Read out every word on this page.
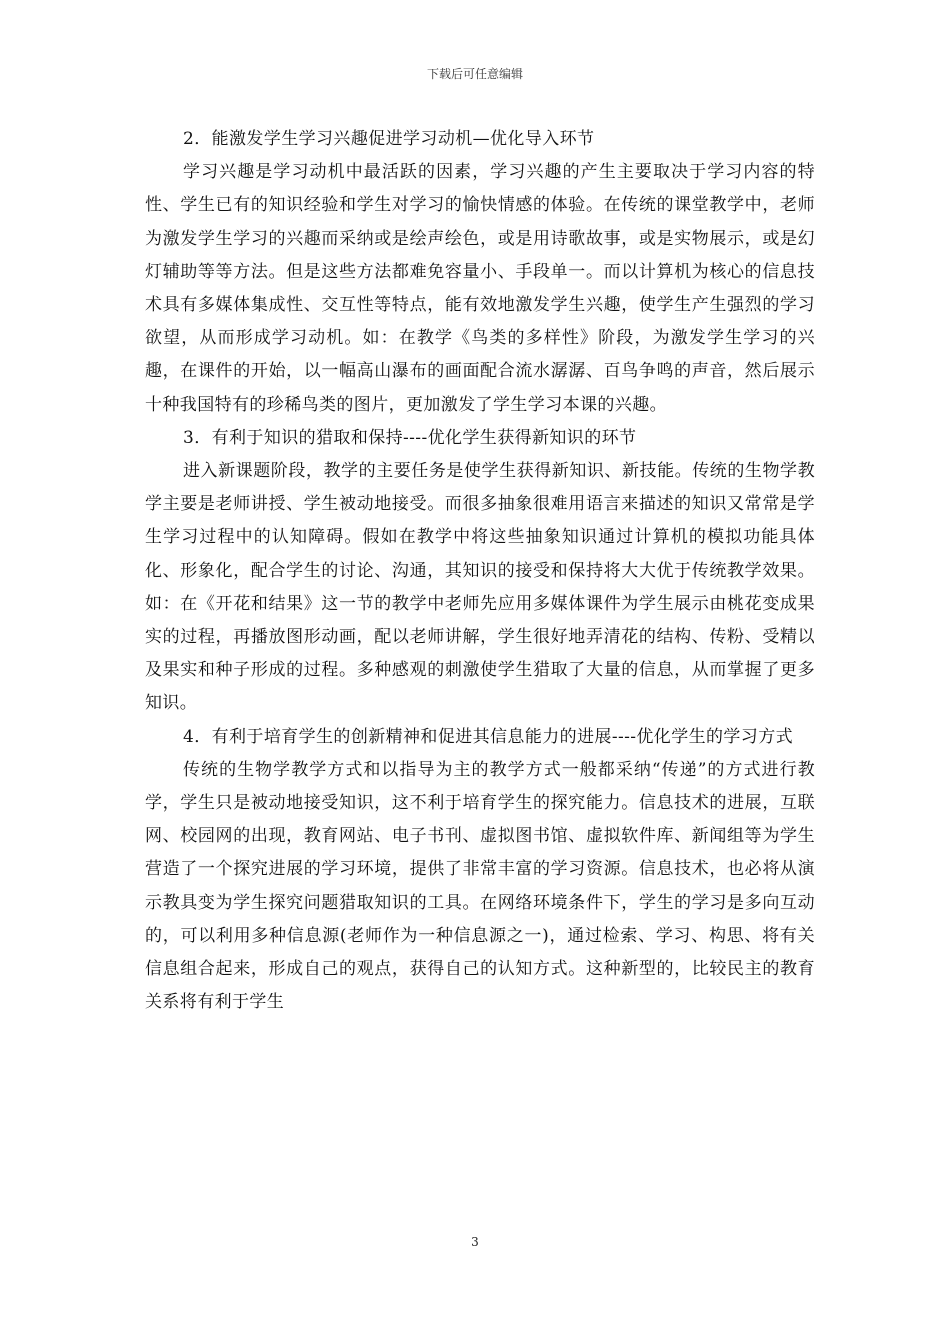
下载后可任意编辑

2．能激发学生学习兴趣促进学习动机—优化导入环节

学习兴趣是学习动机中最活跃的因素，学习兴趣的产生主要取决于学习内容的特性、学生已有的知识经验和学生对学习的愉快情感的体验。在传统的课堂教学中，老师为激发学生学习的兴趣而采纳或是绘声绘色，或是用诗歌故事，或是实物展示，或是幻灯辅助等等方法。但是这些方法都难免容量小、手段单一。而以计算机为核心的信息技术具有多媒体集成性、交互性等特点，能有效地激发学生兴趣，使学生产生强烈的学习欲望，从而形成学习动机。如：在教学《鸟类的多样性》阶段，为激发学生学习的兴趣，在课件的开始，以一幅高山瀑布的画面配合流水潺潺、百鸟争鸣的声音，然后展示十种我国特有的珍稀鸟类的图片，更加激发了学生学习本课的兴趣。

3．有利于知识的猎取和保持----优化学生获得新知识的环节

进入新课题阶段，教学的主要任务是使学生获得新知识、新技能。传统的生物学教学主要是老师讲授、学生被动地接受。而很多抽象很难用语言来描述的知识又常常是学生学习过程中的认知障碍。假如在教学中将这些抽象知识通过计算机的模拟功能具体化、形象化，配合学生的讨论、沟通，其知识的接受和保持将大大优于传统教学效果。如：在《开花和结果》这一节的教学中老师先应用多媒体课件为学生展示由桃花变成果实的过程，再播放图形动画，配以老师讲解，学生很好地弄清花的结构、传粉、受精以及果实和种子形成的过程。多种感观的刺激使学生猎取了大量的信息，从而掌握了更多知识。

4．有利于培育学生的创新精神和促进其信息能力的进展----优化学生的学习方式

传统的生物学教学方式和以指导为主的教学方式一般都采纳“传递”的方式进行教学，学生只是被动地接受知识，这不利于培育学生的探究能力。信息技术的进展，互联网、校园网的出现，教育网站、电子书刊、虚拟图书馆、虚拟软件库、新闻组等为学生营造了一个探究进展的学习环境，提供了非常丰富的学习资源。信息技术，也必将从演示教具变为学生探究问题猎取知识的工具。在网络环境条件下，学生的学习是多向互动的，可以利用多种信息源(老师作为一种信息源之一)，通过检索、学习、构思、将有关信息组合起来，形成自己的观点，获得自己的认知方式。这种新型的，比较民主的教育关系将有利于学生

3
